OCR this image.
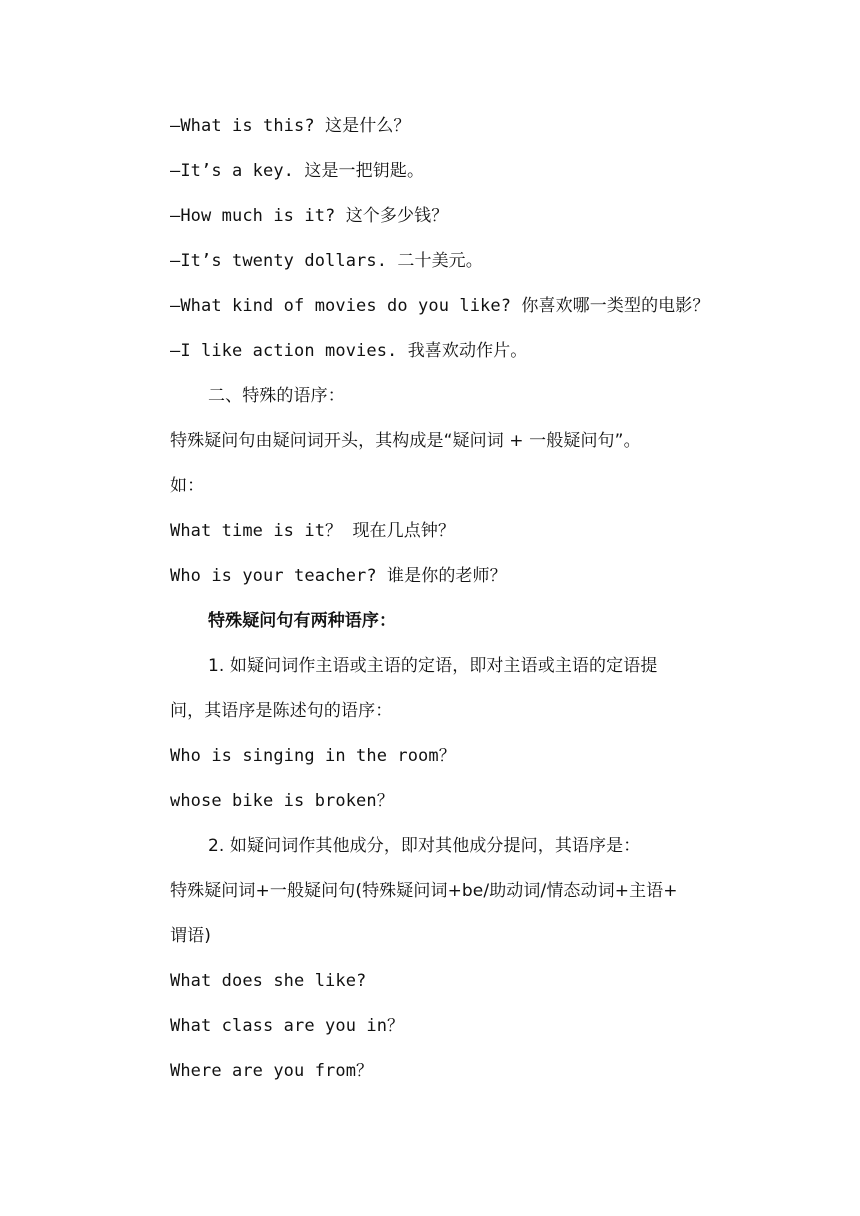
—What is this? 这是什么？
—It’s a key. 这是一把钥匙。
—How much is it? 这个多少钱？
—It’s twenty dollars. 二十美元。
—What kind of movies do you like? 你喜欢哪一类型的电影？
—I like action movies. 我喜欢动作片。
二、特殊的语序：
特殊疑问句由疑问词开头，其构成是“疑问词 + 一般疑问句”。
如：
What time is it？ 现在几点钟？
Who is your teacher? 谁是你的老师？
特殊疑问句有两种语序：
1. 如疑问词作主语或主语的定语，即对主语或主语的定语提
问，其语序是陈述句的语序：
Who is singing in the room？
whose bike is broken？
2. 如疑问词作其他成分，即对其他成分提问，其语序是：
特殊疑问词+一般疑问句(特殊疑问词+be/助动词/情态动词+主语+
谓语)
What does she like?
What class are you in？
Where are you from？
